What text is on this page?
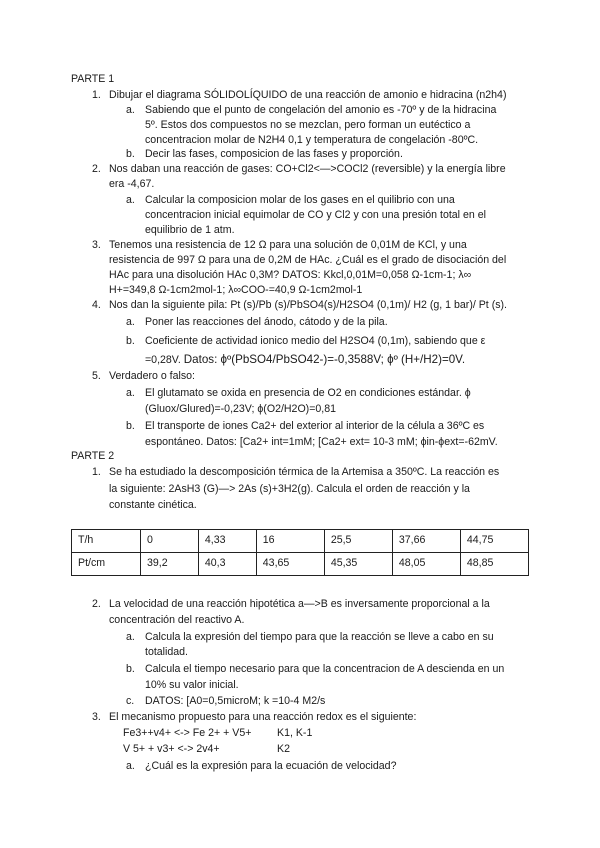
PARTE 1
1. Dibujar el diagrama SÓLIDOLÍQUIDO de una reacción de amonio e hidracina (n2h4)
a. Sabiendo que el punto de congelación del amonio es -70º y de la hidracina
5º. Estos dos compuestos no se mezclan, pero forman un eutéctico a
concentracion molar de N2H4 0,1 y temperatura de congelación -80ºC.
b. Decir las fases, composicion de las fases y proporción.
2. Nos daban una reacción de gases: CO+Cl2<—>COCl2 (reversible) y la energía libre
era -4,67.
a. Calcular la composicion molar de los gases en el quilibrio con una
concentracion inicial equimolar de CO y Cl2 y con una presión total en el
equilibrio de 1 atm.
3. Tenemos una resistencia de 12 Ω para una solución de 0,01M de KCl, y una
resistencia de 997 Ω para una de 0,2M de HAc. ¿Cuál es el grado de disociación del
HAc para una disolución HAc 0,3M? DATOS: Kkcl,0,01M=0,058 Ω-1cm-1; λ∞
H+=349,8 Ω-1cm2mol-1; λ∞COO-=40,9 Ω-1cm2mol-1
4. Nos dan la siguiente pila: Pt (s)/Pb (s)/PbSO4(s)/H2SO4 (0,1m)/ H2 (g, 1 bar)/ Pt (s).
a. Poner las reacciones del ánodo, cátodo y de la pila.
b. Coeficiente de actividad ionico medio del H2SO4 (0,1m), sabiendo que ε
=0,28V. Datos: ϕº(PbSO4/PbSO42-)=-0,3588V; ϕº (H+/H2)=0V.
5. Verdadero o falso:
a. El glutamato se oxida en presencia de O2 en condiciones estándar. ϕ
(Gluox/Glured)=-0,23V; ϕ(O2/H2O)=0,81
b. El transporte de iones Ca2+ del exterior al interior de la célula a 36ºC es
espontáneo. Datos: [Ca2+ int=1mM; [Ca2+ ext= 10-3 mM; ϕin-ϕext=-62mV.
PARTE 2
1. Se ha estudiado la descomposición térmica de la Artemisa a 350ºC. La reacción es
la siguiente: 2AsH3 (G)—> 2As (s)+3H2(g). Calcula el orden de reacción y la
constante cinética.
T/h	0	4,33	16	25,5	37,66	44,75
Pt/cm	39,2	40,3	43,65	45,35	48,05	48,85
2. La velocidad de una reacción hipotética a—>B es inversamente proporcional a la
concentración del reactivo A.
a. Calcula la expresión del tiempo para que la reacción se lleve a cabo en su
totalidad.
b. Calcula el tiempo necesario para que la concentracion de A descienda en un
10% su valor inicial.
c. DATOS: [A0=0,5microM; k =10-4 M2/s
3. El mecanismo propuesto para una reacción redox es el siguiente:
Fe3++v4+ <-> Fe 2+ + V5+ K1, K-1
V 5+ + v3+ <-> 2v4+	K2
a. ¿Cuál es la expresión para la ecuación de velocidad?
